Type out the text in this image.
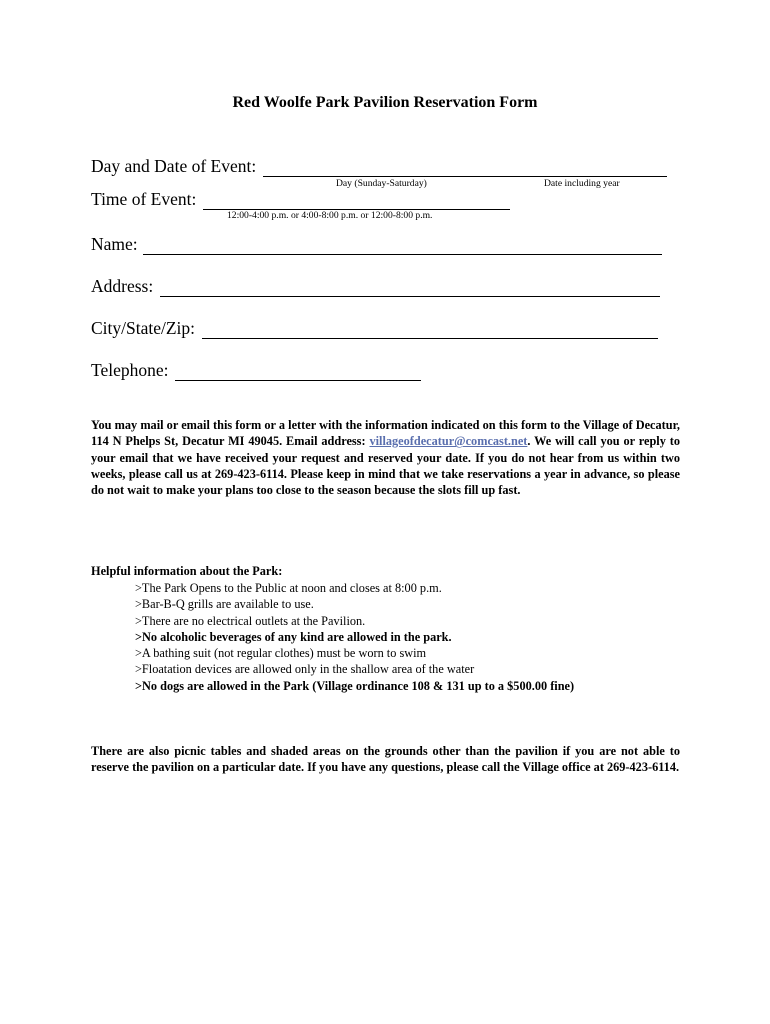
Red Woolfe Park Pavilion Reservation Form
Day and Date of Event:
Day (Sunday-Saturday)	Date including year
Time of Event:
12:00-4:00 p.m. or 4:00-8:00 p.m. or 12:00-8:00 p.m.
Name:
Address:
City/State/Zip:
Telephone:
You may mail or email this form or a letter with the information indicated on this form to the Village of Decatur, 114 N Phelps St, Decatur MI 49045. Email address: villageofdecatur@comcast.net. We will call you or reply to your email that we have received your request and reserved your date. If you do not hear from us within two weeks, please call us at 269-423-6114. Please keep in mind that we take reservations a year in advance, so please do not wait to make your plans too close to the season because the slots fill up fast.
Helpful information about the Park:
>The Park Opens to the Public at noon and closes at 8:00 p.m.
>Bar-B-Q grills are available to use.
>There are no electrical outlets at the Pavilion.
>No alcoholic beverages of any kind are allowed in the park.
>A bathing suit (not regular clothes) must be worn to swim
>Floatation devices are allowed only in the shallow area of the water
>No dogs are allowed in the Park (Village ordinance 108 & 131 up to a $500.00 fine)
There are also picnic tables and shaded areas on the grounds other than the pavilion if you are not able to reserve the pavilion on a particular date. If you have any questions, please call the Village office at 269-423-6114.
